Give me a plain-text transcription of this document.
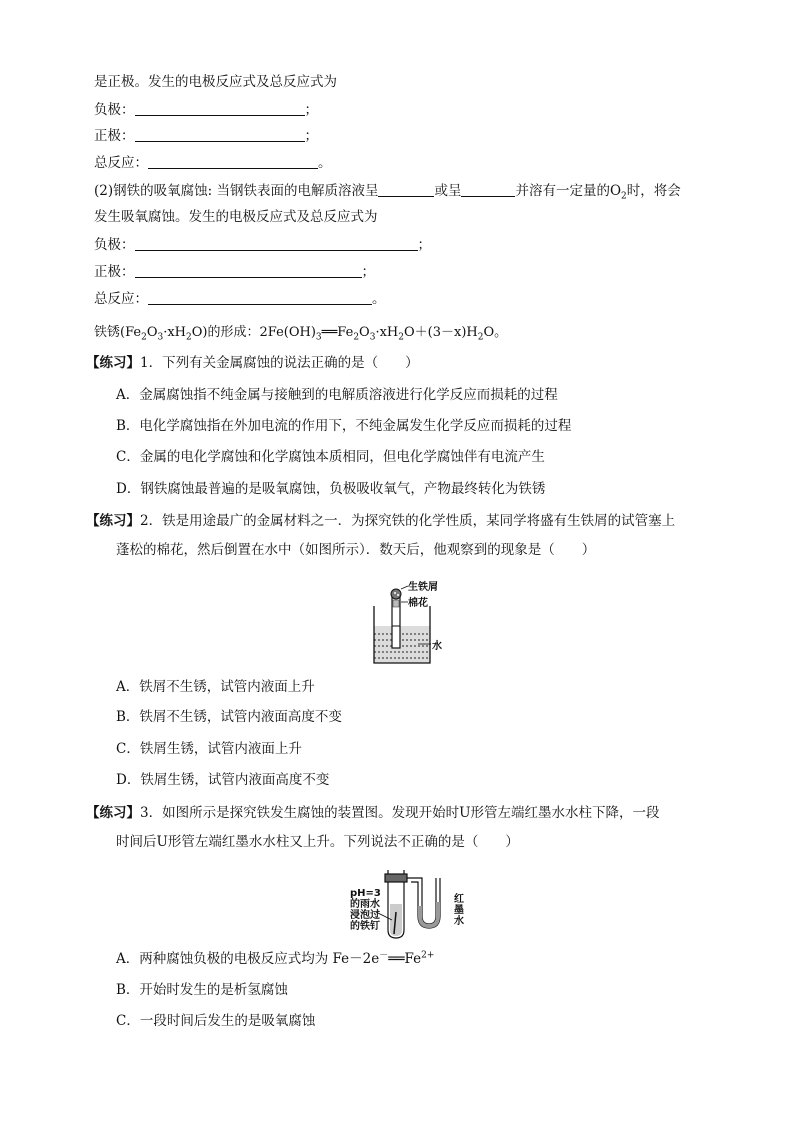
是正极。发生的电极反应式及总反应式为
负极：	；
正极：	；
总反应：	。
(2)钢铁的吸氧腐蚀: 当钢铁表面的电解质溶液呈	或呈	并溶有一定量的$O_2$时，将会
发生吸氧腐蚀。发生的电极反应式及总反应式为
负极：	；
正极：	；
总反应：	。
铁锈$(Fe_2O_3\cdot xH_2O)$的形成：$2Fe(OH)_3══Fe_2O_3\cdot xH_2O+(3-x)H_2O$。
【练习】1．下列有关金属腐蚀的说法正确的是（　　）
A．金属腐蚀指不纯金属与接触到的电解质溶液进行化学反应而损耗的过程
B．电化学腐蚀指在外加电流的作用下，不纯金属发生化学反应而损耗的过程
C．金属的电化学腐蚀和化学腐蚀本质相同，但电化学腐蚀伴有电流产生
D．钢铁腐蚀最普遍的是吸氧腐蚀，负极吸收氧气，产物最终转化为铁锈
【练习】2．铁是用途最广的金属材料之一．为探究铁的化学性质，某同学将盛有生铁屑的试管塞上
蓬松的棉花，然后倒置在水中（如图所示）．数天后，他观察到的现象是（　　）
生铁屑
棉花
水
A．铁屑不生锈，试管内液面上升
B．铁屑不生锈，试管内液面高度不变
C．铁屑生锈，试管内液面上升
D．铁屑生锈，试管内液面高度不变
【练习】3．如图所示是探究铁发生腐蚀的装置图。发现开始时U形管左端红墨水水柱下降，一段
时间后U形管左端红墨水水柱又上升。下列说法不正确的是（　　）
pH=3
的雨水
浸泡过
的铁钉
红
墨
水
A．两种腐蚀负极的电极反应式均为 $Fe-2e^-══Fe^{2+}$
B．开始时发生的是析氢腐蚀
C．一段时间后发生的是吸氧腐蚀
